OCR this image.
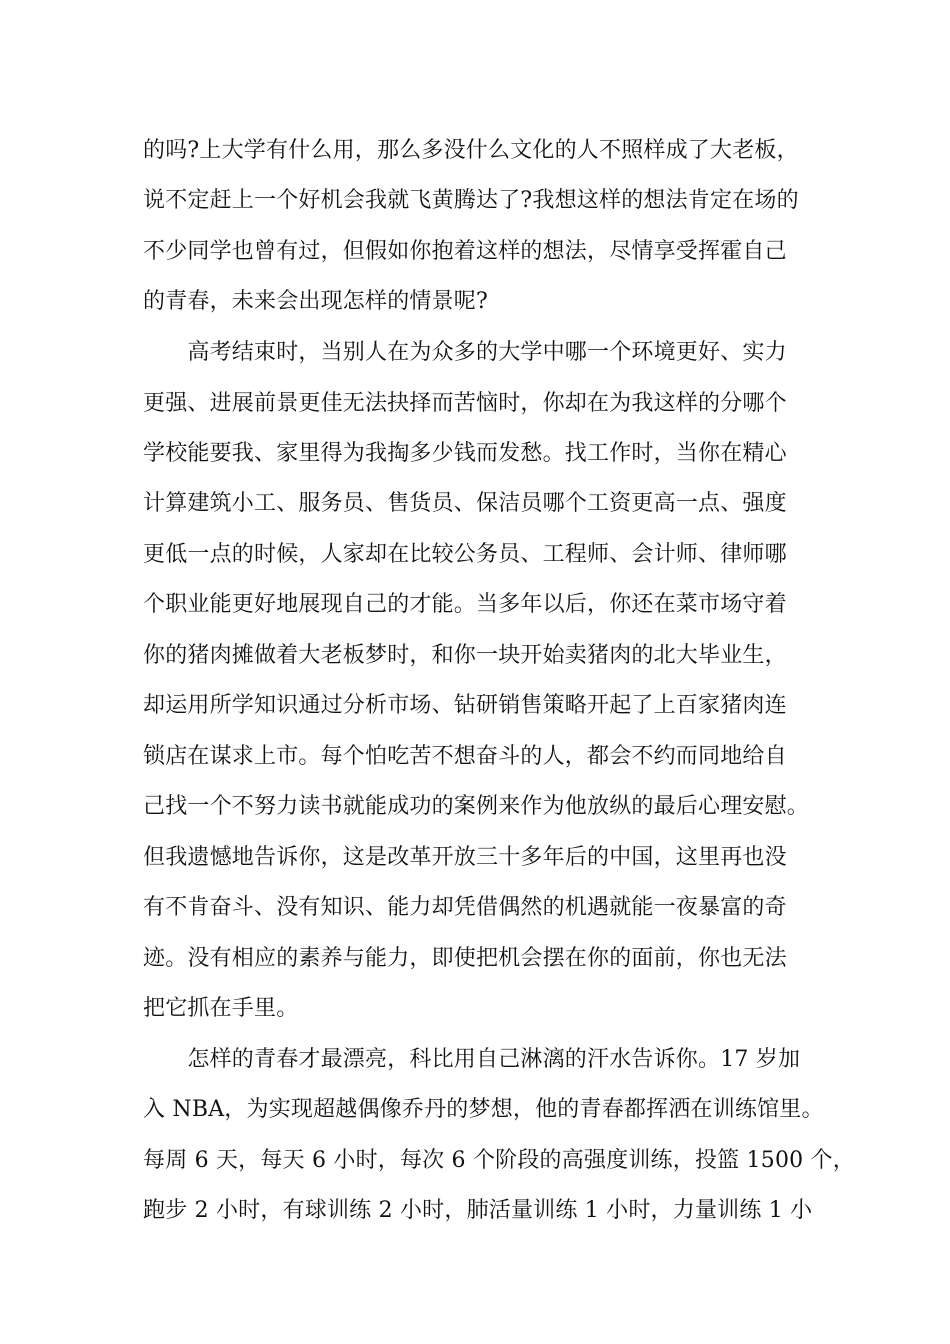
的吗?上大学有什么用，那么多没什么文化的人不照样成了大老板，
说不定赶上一个好机会我就飞黄腾达了?我想这样的想法肯定在场的
不少同学也曾有过，但假如你抱着这样的想法，尽情享受挥霍自己
的青春，未来会出现怎样的情景呢?
　　高考结束时，当别人在为众多的大学中哪一个环境更好、实力
更强、进展前景更佳无法抉择而苦恼时，你却在为我这样的分哪个
学校能要我、家里得为我掏多少钱而发愁。找工作时，当你在精心
计算建筑小工、服务员、售货员、保洁员哪个工资更高一点、强度
更低一点的时候，人家却在比较公务员、工程师、会计师、律师哪
个职业能更好地展现自己的才能。当多年以后，你还在菜市场守着
你的猪肉摊做着大老板梦时，和你一块开始卖猪肉的北大毕业生，
却运用所学知识通过分析市场、钻研销售策略开起了上百家猪肉连
锁店在谋求上市。每个怕吃苦不想奋斗的人，都会不约而同地给自
己找一个不努力读书就能成功的案例来作为他放纵的最后心理安慰。
但我遗憾地告诉你，这是改革开放三十多年后的中国，这里再也没
有不肯奋斗、没有知识、能力却凭借偶然的机遇就能一夜暴富的奇
迹。没有相应的素养与能力，即使把机会摆在你的面前，你也无法
把它抓在手里。
　　怎样的青春才最漂亮，科比用自己淋漓的汗水告诉你。17 岁加
入 NBA，为实现超越偶像乔丹的梦想，他的青春都挥洒在训练馆里。
每周 6 天，每天 6 小时，每次 6 个阶段的高强度训练，投篮 1500 个，
跑步 2 小时，有球训练 2 小时，肺活量训练 1 小时，力量训练 1 小
